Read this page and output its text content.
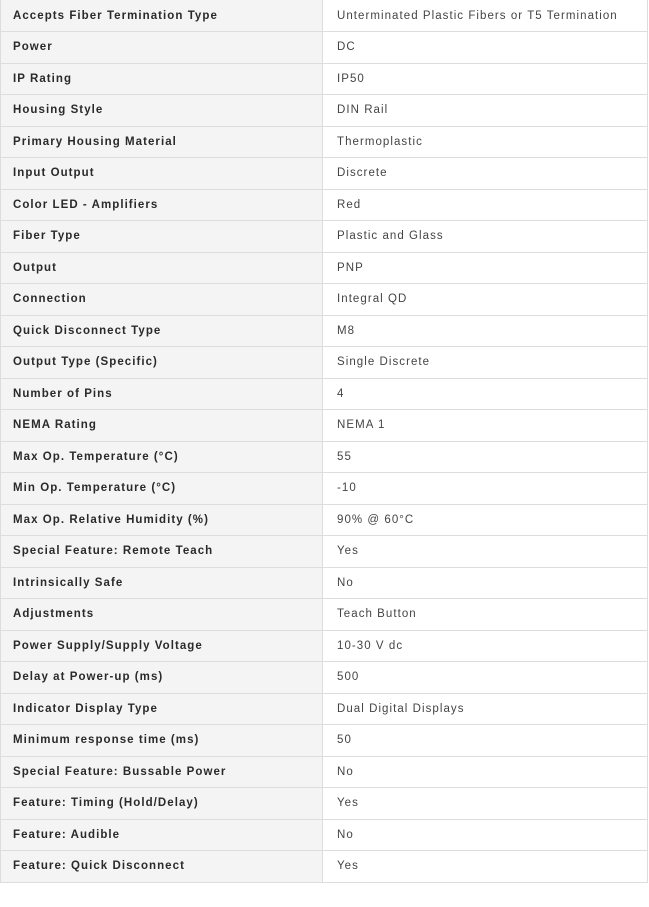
Accepts Fiber Termination Type	Unterminated Plastic Fibers or T5 Termination
Power	DC
IP Rating	IP50
Housing Style	DIN Rail
Primary Housing Material	Thermoplastic
Input Output	Discrete
Color LED - Amplifiers	Red
Fiber Type	Plastic and Glass
Output	PNP
Connection	Integral QD
Quick Disconnect Type	M8
Output Type (Specific)	Single Discrete
Number of Pins	4
NEMA Rating	NEMA 1
Max Op. Temperature (°C)	55
Min Op. Temperature (°C)	-10
Max Op. Relative Humidity (%)	90% @ 60°C
Special Feature: Remote Teach	Yes
Intrinsically Safe	No
Adjustments	Teach Button
Power Supply/Supply Voltage	10-30 V dc
Delay at Power-up (ms)	500
Indicator Display Type	Dual Digital Displays
Minimum response time (ms)	50
Special Feature: Bussable Power	No
Feature: Timing (Hold/Delay)	Yes
Feature: Audible	No
Feature: Quick Disconnect	Yes
